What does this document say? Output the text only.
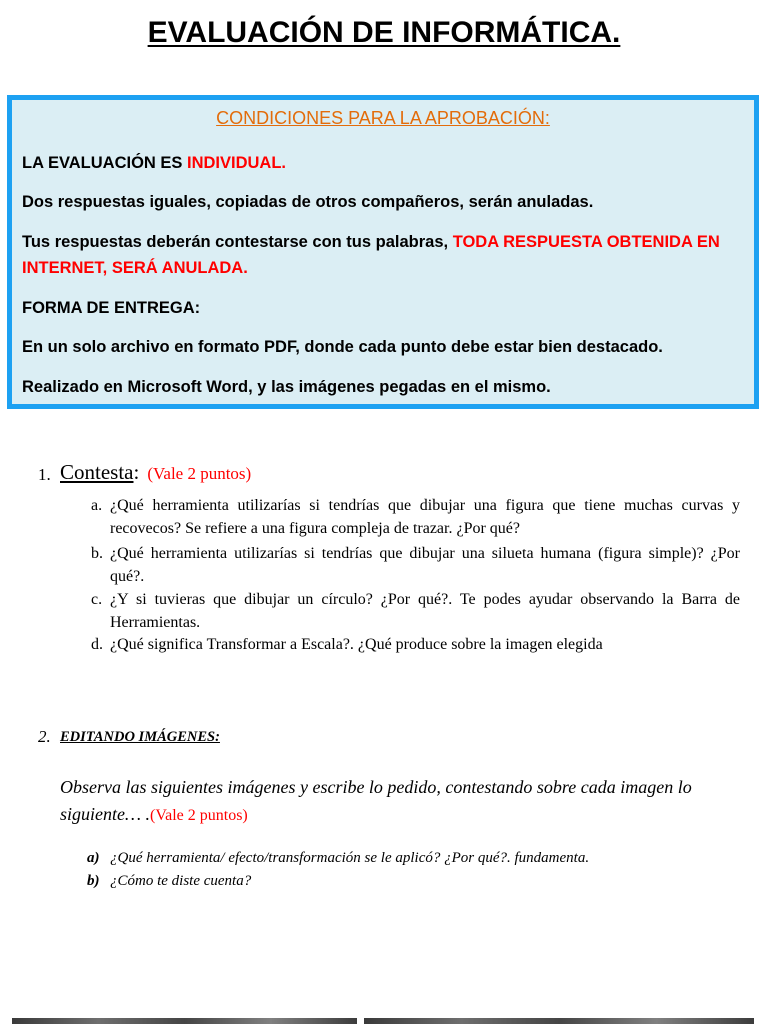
EVALUACIÓN DE INFORMÁTICA.
CONDICIONES PARA LA APROBACIÓN:

LA EVALUACIÓN ES INDIVIDUAL.

Dos respuestas iguales, copiadas de otros compañeros, serán anuladas.

Tus respuestas deberán contestarse con tus palabras, TODA RESPUESTA OBTENIDA EN INTERNET, SERÁ ANULADA.

FORMA DE ENTREGA:

En un solo archivo en formato PDF, donde cada punto debe estar bien destacado.

Realizado en Microsoft Word, y las imágenes pegadas en el mismo.

1. Contesta: (Vale 2 puntos)
a. ¿Qué herramienta utilizarías si tendrías que dibujar una figura que tiene muchas curvas y recovecos? Se refiere a una figura compleja de trazar. ¿Por qué?
b. ¿Qué herramienta utilizarías si tendrías que dibujar una silueta humana (figura simple)? ¿Por qué?.
c. ¿Y si tuvieras que dibujar un círculo? ¿Por qué?. Te podes ayudar observando la Barra de Herramientas.
d. ¿Qué significa Transformar a Escala?. ¿Qué produce sobre la imagen elegida
2. EDITANDO IMÁGENES:
Observa las siguientes imágenes y escribe lo pedido, contestando sobre cada imagen lo siguiente… .(Vale 2 puntos)
a) ¿Qué herramienta/ efecto/transformación se le aplicó? ¿Por qué?. fundamenta.
b) ¿Cómo te diste cuenta?
